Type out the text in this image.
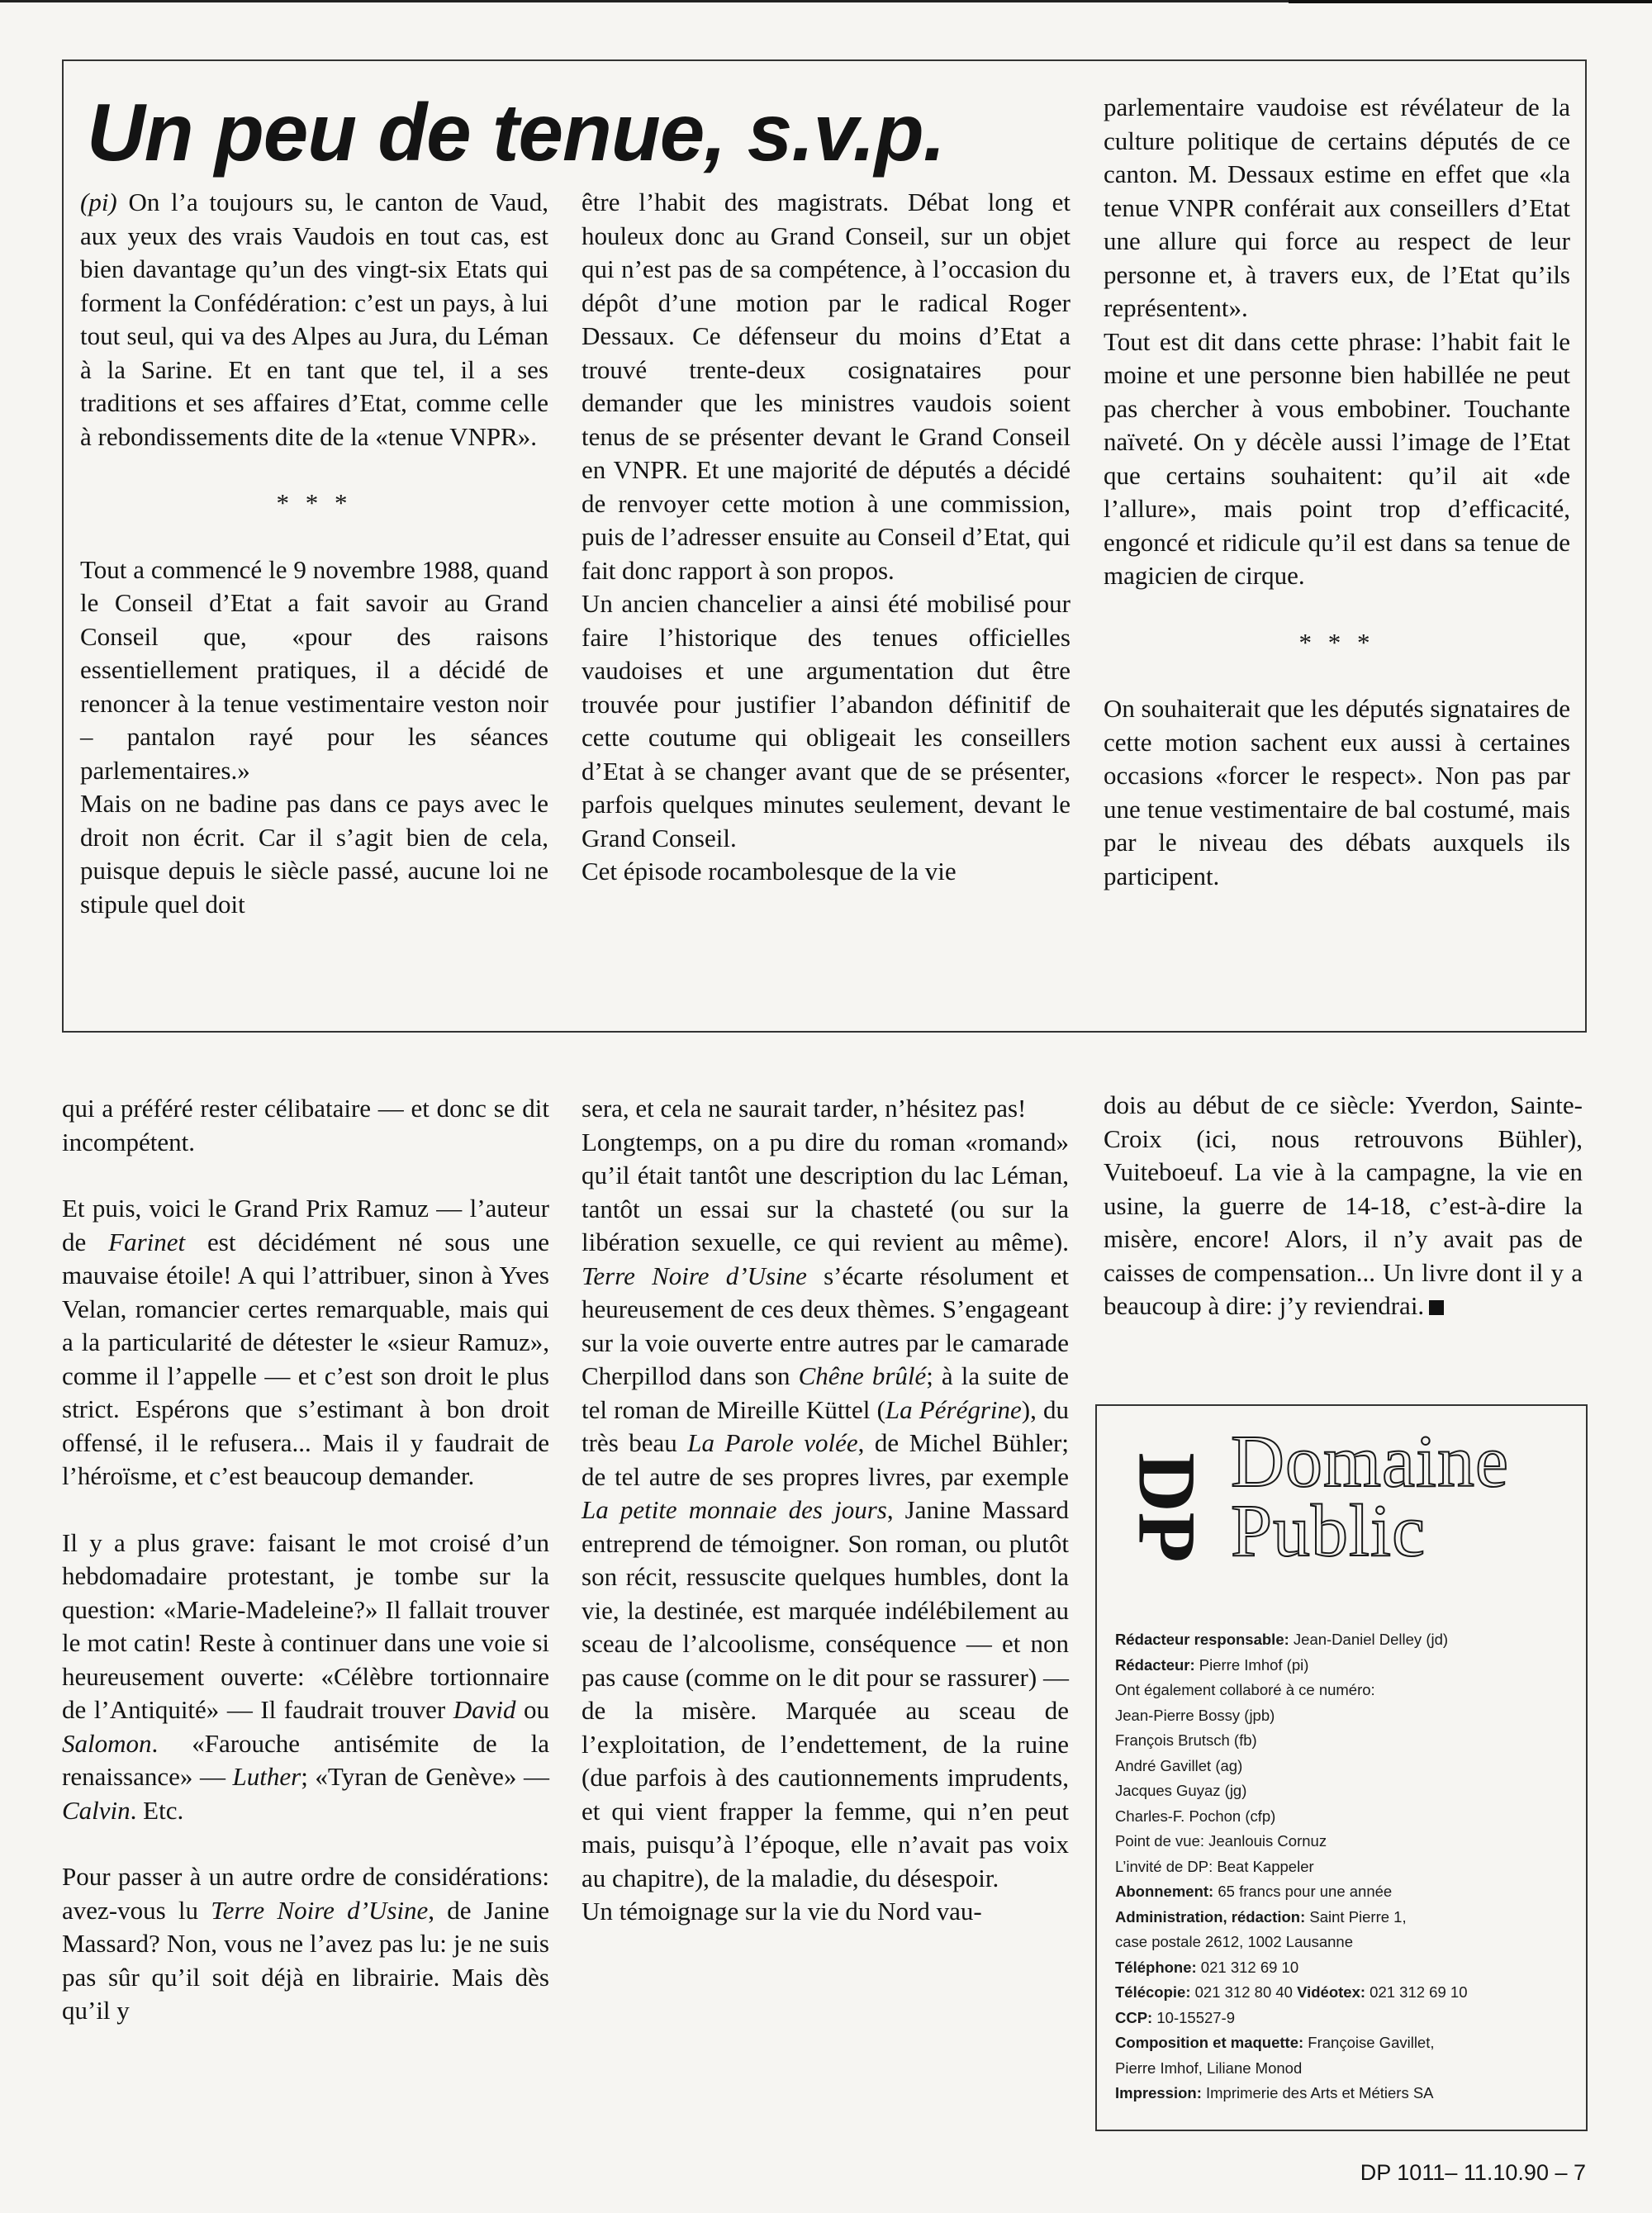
Un peu de tenue, s.v.p.

(pi) On l’a toujours su, le canton de Vaud, aux yeux des vrais Vaudois en tout cas, est bien davantage qu’un des vingt-six Etats qui forment la Confédération: c’est un pays, à lui tout seul, qui va des Alpes au Jura, du Léman à la Sarine. Et en tant que tel, il a ses traditions et ses affaires d’Etat, comme celle à rebondissements dite de la «tenue VNPR».

* * *

Tout a commencé le 9 novembre 1988, quand le Conseil d’Etat a fait savoir au Grand Conseil que, «pour des raisons essentiellement pratiques, il a décidé de renoncer à la tenue vestimentaire veston noir – pantalon rayé pour les séances parlementaires.»

Mais on ne badine pas dans ce pays avec le droit non écrit. Car il s’agit bien de cela, puisque depuis le siècle passé, aucune loi ne stipule quel doit

être l’habit des magistrats. Débat long et houleux donc au Grand Conseil, sur un objet qui n’est pas de sa compétence, à l’occasion du dépôt d’une motion par le radical Roger Dessaux. Ce défenseur du moins d’Etat a trouvé trente-deux cosignataires pour demander que les ministres vaudois soient tenus de se présenter devant le Grand Conseil en VNPR. Et une majorité de députés a décidé de renvoyer cette motion à une commission, puis de l’adresser ensuite au Conseil d’Etat, qui fait donc rapport à son propos.

Un ancien chancelier a ainsi été mobilisé pour faire l’historique des tenues officielles vaudoises et une argumentation dut être trouvée pour justifier l’abandon définitif de cette coutume qui obligeait les conseillers d’Etat à se changer avant que de se présenter, parfois quelques minutes seulement, devant le Grand Conseil.

Cet épisode rocambolesque de la vie

parlementaire vaudoise est révélateur de la culture politique de certains députés de ce canton. M. Dessaux estime en effet que «la tenue VNPR conférait aux conseillers d’Etat une allure qui force au respect de leur personne et, à travers eux, de l’Etat qu’ils représentent».

Tout est dit dans cette phrase: l’habit fait le moine et une personne bien habillée ne peut pas chercher à vous embobiner. Touchante naïveté. On y décèle aussi l’image de l’Etat que certains souhaitent: qu’il ait «de l’allure», mais point trop d’efficacité, engoncé et ridicule qu’il est dans sa tenue de magicien de cirque.

* * *

On souhaiterait que les députés signataires de cette motion sachent eux aussi à certaines occasions «forcer le respect». Non pas par une tenue vestimentaire de bal costumé, mais par le niveau des débats auxquels ils participent.

qui a préféré rester célibataire — et donc se dit incompétent.

Et puis, voici le Grand Prix Ramuz — l’auteur de Farinet est décidément né sous une mauvaise étoile! A qui l’attribuer, sinon à Yves Velan, romancier certes remarquable, mais qui a la particularité de détester le «sieur Ramuz», comme il l’appelle — et c’est son droit le plus strict. Espérons que s’estimant à bon droit offensé, il le refusera... Mais il y faudrait de l’héroïsme, et c’est beaucoup demander.

Il y a plus grave: faisant le mot croisé d’un hebdomadaire protestant, je tombe sur la question: «Marie-Madeleine?» Il fallait trouver le mot catin! Reste à continuer dans une voie si heureusement ouverte: «Célèbre tortionnaire de l’Antiquité» — Il faudrait trouver David ou Salomon. «Farouche antisémite de la renaissance» — Luther; «Tyran de Genève» — Calvin. Etc.

Pour passer à un autre ordre de considérations: avez-vous lu Terre Noire d’Usine, de Janine Massard? Non, vous ne l’avez pas lu: je ne suis pas sûr qu’il soit déjà en librairie. Mais dès qu’il y

sera, et cela ne saurait tarder, n’hésitez pas!

Longtemps, on a pu dire du roman «romand» qu’il était tantôt une description du lac Léman, tantôt un essai sur la chasteté (ou sur la libération sexuelle, ce qui revient au même). Terre Noire d’Usine s’écarte résolument et heureusement de ces deux thèmes. S’engageant sur la voie ouverte entre autres par le camarade Cherpillod dans son Chêne brûlé; à la suite de tel roman de Mireille Küttel (La Pérégrine), du très beau La Parole volée, de Michel Bühler; de tel autre de ses propres livres, par exemple La petite monnaie des jours, Janine Massard entreprend de témoigner. Son roman, ou plutôt son récit, ressuscite quelques humbles, dont la vie, la destinée, est marquée indélébilement au sceau de l’alcoolisme, conséquence — et non pas cause (comme on le dit pour se rassurer) — de la misère. Marquée au sceau de l’exploitation, de l’endettement, de la ruine (due parfois à des cautionnements imprudents, et qui vient frapper la femme, qui n’en peut mais, puisqu’à l’époque, elle n’avait pas voix au chapitre), de la maladie, du désespoir.

Un témoignage sur la vie du Nord vau-

dois au début de ce siècle: Yverdon, Sainte-Croix (ici, nous retrouvons Bühler), Vuiteboeuf. La vie à la campagne, la vie en usine, la guerre de 14-18, c’est-à-dire la misère, encore! Alors, il n’y avait pas de caisses de compensation... Un livre dont il y a beaucoup à dire: j’y reviendrai.

DP Domaine
Public

Rédacteur responsable: Jean-Daniel Delley (jd)

Rédacteur: Pierre Imhof (pi)

Ont également collaboré à ce numéro:

Jean-Pierre Bossy (jpb)

François Brutsch (fb)

André Gavillet (ag)

Jacques Guyaz (jg)

Charles-F. Pochon (cfp)

Point de vue: Jeanlouis Cornuz

L’invité de DP: Beat Kappeler

Abonnement: 65 francs pour une année

Administration, rédaction: Saint Pierre 1,

case postale 2612, 1002 Lausanne

Téléphone: 021 312 69 10

Télécopie: 021 312 80 40 Vidéotex: 021 312 69 10

CCP: 10-15527-9

Composition et maquette: Françoise Gavillet,

Pierre Imhof, Liliane Monod

Impression: Imprimerie des Arts et Métiers SA

DP 1011– 11.10.90 – 7
